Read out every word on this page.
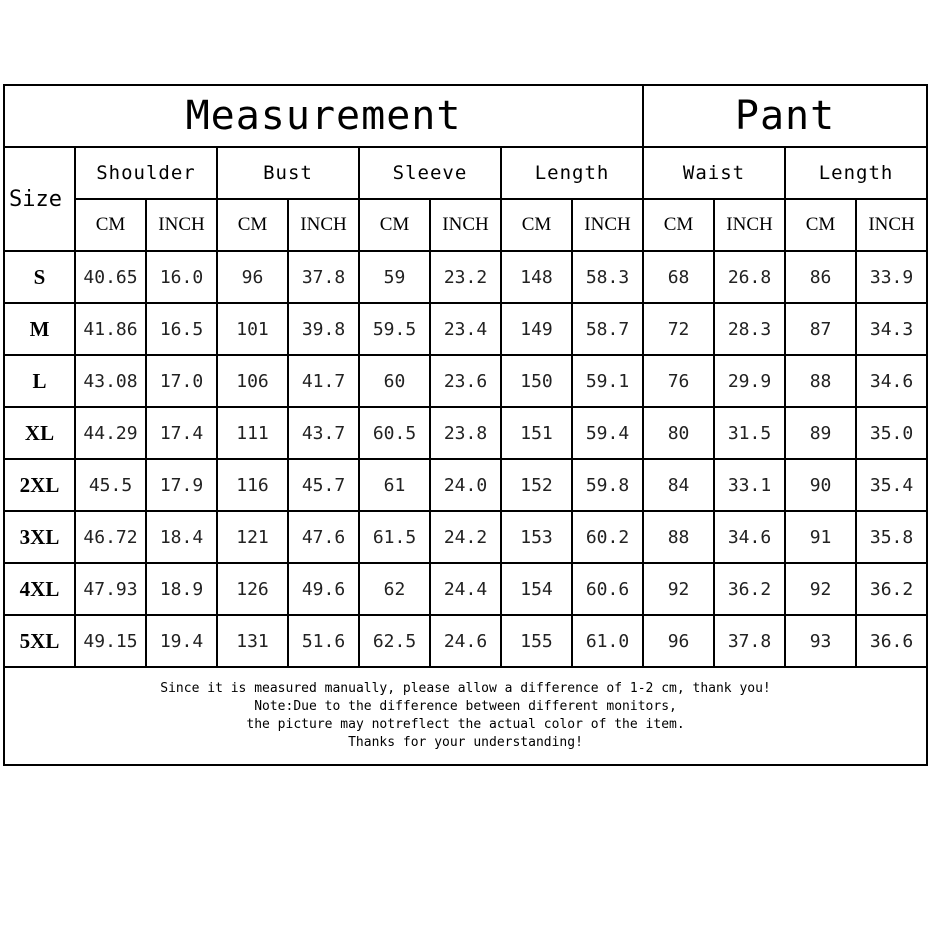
Measurement									Pant			
Size	Shoulder		Bust		Sleeve		Length		Waist		Length	
	CM	INCH	CM	INCH	CM	INCH	CM	INCH	CM	INCH	CM	INCH
S	40.65	16.0	96	37.8	59	23.2	148	58.3	68	26.8	86	33.9
M	41.86	16.5	101	39.8	59.5	23.4	149	58.7	72	28.3	87	34.3
L	43.08	17.0	106	41.7	60	23.6	150	59.1	76	29.9	88	34.6
XL	44.29	17.4	111	43.7	60.5	23.8	151	59.4	80	31.5	89	35.0
2XL	45.5	17.9	116	45.7	61	24.0	152	59.8	84	33.1	90	35.4
3XL	46.72	18.4	121	47.6	61.5	24.2	153	60.2	88	34.6	91	35.8
4XL	47.93	18.9	126	49.6	62	24.4	154	60.6	92	36.2	92	36.2
5XL	49.15	19.4	131	51.6	62.5	24.6	155	61.0	96	37.8	93	36.6

Since it is measured manually, please allow a difference of 1-2 cm, thank you!
Note:Due to the difference between different monitors,
the picture may notreflect the actual color of the item.
Thanks for your understanding!												
